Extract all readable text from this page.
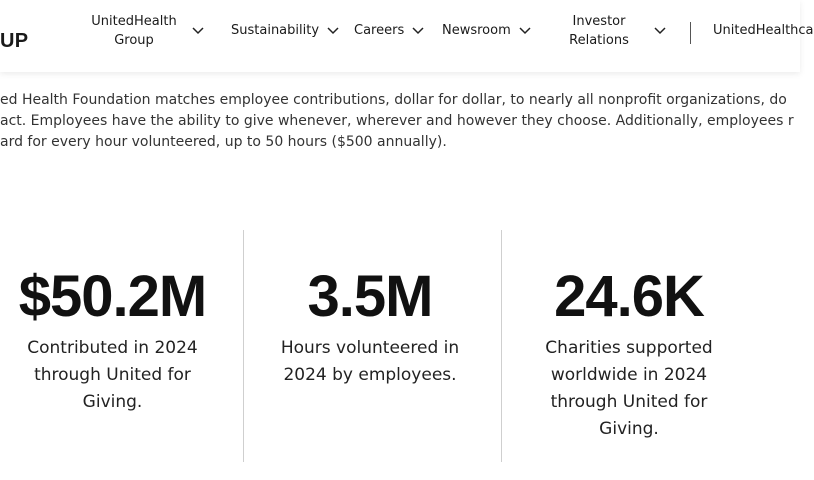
UP
UnitedHealth Group
Sustainability	Careers	Newsroom
Investor Relations
UnitedHealthca
ed Health Foundation matches employee contributions, dollar for dollar, to nearly all nonprofit organizations, do
act. Employees have the ability to give whenever, wherever and however they choose. Additionally, employees r
ard for every hour volunteered, up to 50 hours ($500 annually).
$50.2M
Contributed in 2024
through United for
Giving.
3.5M
Hours volunteered in
2024 by employees.
24.6K
Charities supported
worldwide in 2024
through United for
Giving.
